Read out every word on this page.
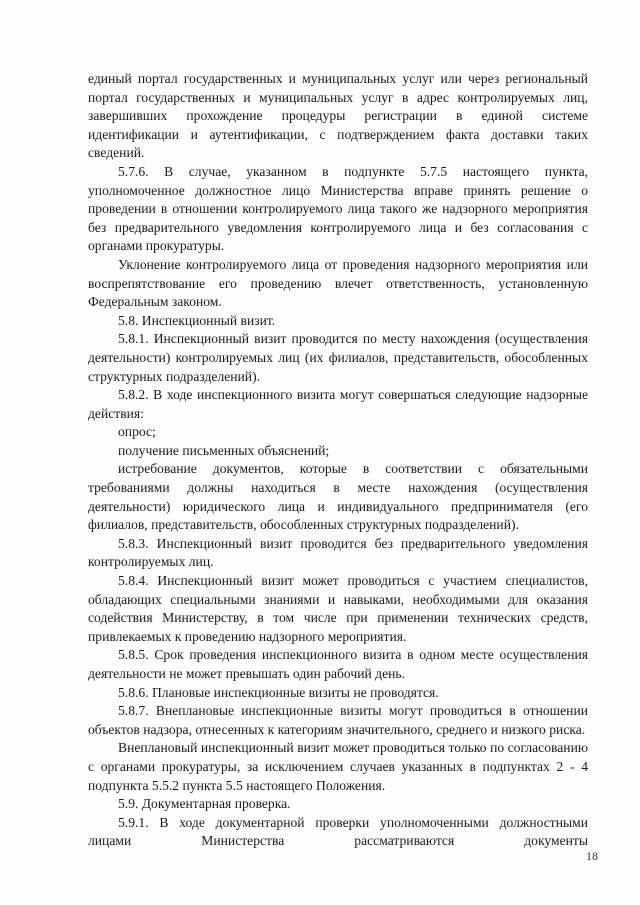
единый портал государственных и муниципальных услуг или через региональный портал государственных и муниципальных услуг в адрес контролируемых лиц, завершивших прохождение процедуры регистрации в единой системе идентификации и аутентификации, с подтверждением факта доставки таких сведений.

5.7.6. В случае, указанном в подпункте 5.7.5 настоящего пункта, уполномоченное должностное лицо Министерства вправе принять решение о проведении в отношении контролируемого лица такого же надзорного мероприятия без предварительного уведомления контролируемого лица и без согласования с органами прокуратуры.

Уклонение контролируемого лица от проведения надзорного мероприятия или воспрепятствование его проведению влечет ответственность, установленную Федеральным законом.

5.8. Инспекционный визит.

5.8.1. Инспекционный визит проводится по месту нахождения (осуществления деятельности) контролируемых лиц (их филиалов, представительств, обособленных структурных подразделений).

5.8.2. В ходе инспекционного визита могут совершаться следующие надзорные действия:

опрос;

получение письменных объяснений;

истребование документов, которые в соответствии с обязательными требованиями должны находиться в месте нахождения (осуществления деятельности) юридического лица и индивидуального предпринимателя (его филиалов, представительств, обособленных структурных подразделений).

5.8.3. Инспекционный визит проводится без предварительного уведомления контролируемых лиц.

5.8.4. Инспекционный визит может проводиться с участием специалистов, обладающих специальными знаниями и навыками, необходимыми для оказания содействия Министерству, в том числе при применении технических средств, привлекаемых к проведению надзорного мероприятия.

5.8.5. Срок проведения инспекционного визита в одном месте осуществления деятельности не может превышать один рабочий день.

5.8.6. Плановые инспекционные визиты не проводятся.

5.8.7. Внеплановые инспекционные визиты могут проводиться в отношении объектов надзора, отнесенных к категориям значительного, среднего и низкого риска.

Внеплановый инспекционный визит может проводиться только по согласованию с органами прокуратуры, за исключением случаев указанных в подпунктах 2 - 4 подпункта 5.5.2 пункта 5.5 настоящего Положения.

5.9. Документарная проверка.

5.9.1. В ходе документарной проверки уполномоченными должностными лицами Министерства рассматриваются документы

18
